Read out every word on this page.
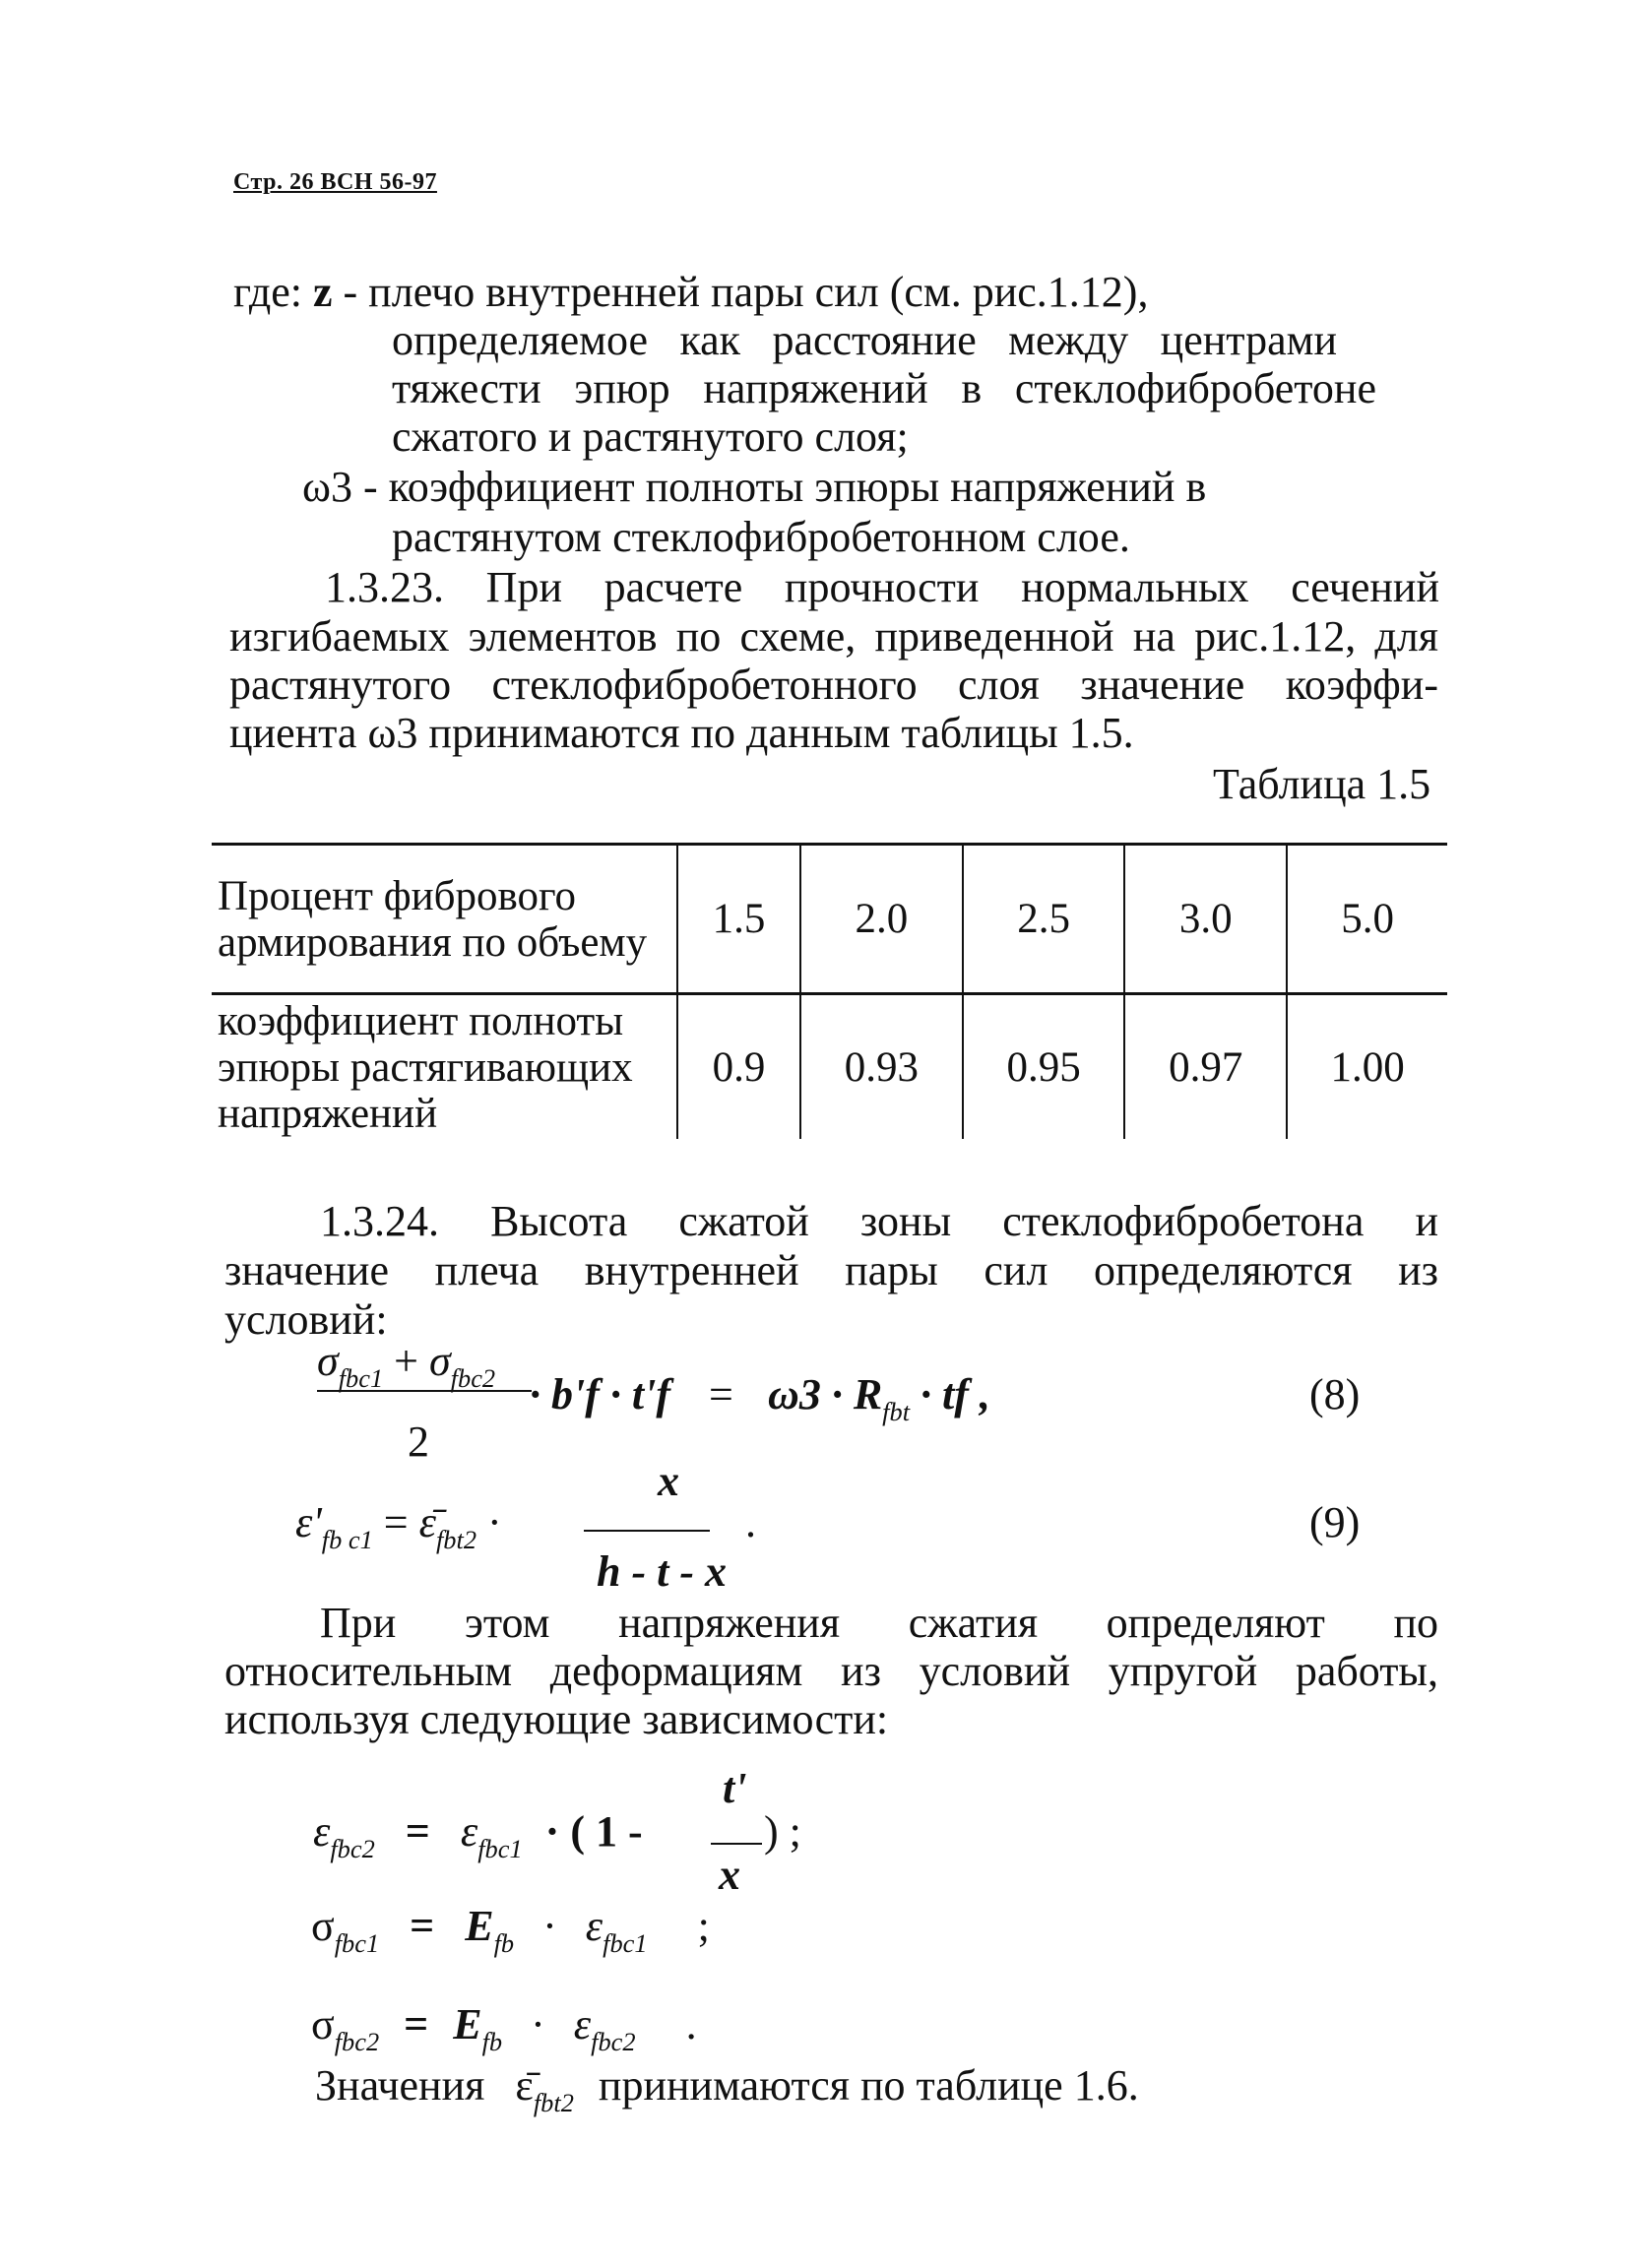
Стр. 26 ВСН 56-97
где: z - плечо внутренней пары сил (см. рис.1.12),
определяемое как расстояние между центрами
тяжести эпюр напряжений в стеклофибробетоне
сжатого и растянутого слоя;
ω3 - коэффициент полноты эпюры напряжений в
растянутом стеклофибробетонном слое.
1.3.23. При расчете прочности нормальных сечений
изгибаемых элементов по схеме, приведенной на рис.1.12, для
растянутого стеклофибробетонного слоя значение коэффи-
циента ω3 принимаются по данным таблицы 1.5.
Таблица 1.5
Процент фибрового армирования по объему	1.5	2.0	2.5	3.0	5.0
коэффициент полноты эпюры растягивающих напряжений	0.9	0.93	0.95	0.97	1.00
1.3.24. Высота сжатой зоны стеклофибробетона и
значение плеча внутренней пары сил определяются из
условий:
$\sigma_{fbc1} + \sigma_{fbc2}$
2
· $b'f \cdot t'f = \omega 3 \cdot R_{fbt}$ · tf ,	(8)
x
$\varepsilon'_{fb c1}$ = $\varepsilon̄_{fbt2}$ ·	.
h - t - x
(9)
При этом напряжения сжатия определяют по
относительным деформациям из условий упругой работы,
используя следующие зависимости:
t'
$\varepsilon_{fbc2} = \varepsilon_{fbc1}$ · ( 1 -	) ;
x
$\sigma_{fbc1} = E_{fb} \cdot \varepsilon_{fbc1}$ ;
$\sigma_{fbc2} = E_{fb} \cdot \varepsilon_{fbc2}$ .
Значения $\varepsilon̄_{fbt2}$ принимаются по таблице 1.6.
